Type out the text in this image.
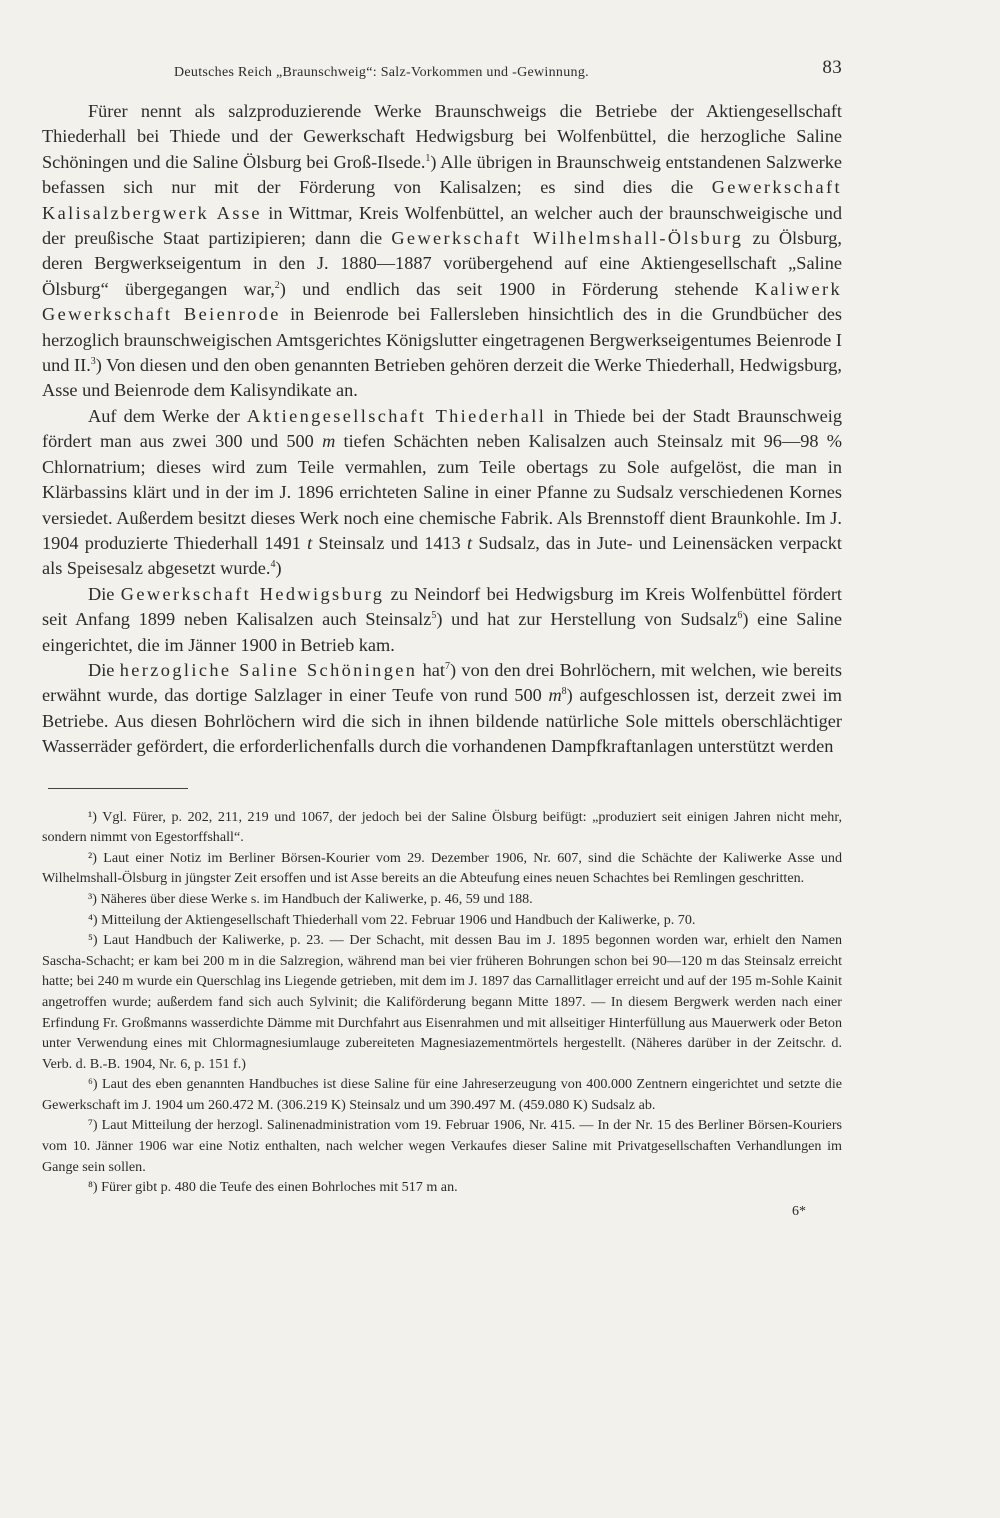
Deutsches Reich „Braunschweig“: Salz-Vorkommen und -Gewinnung.	83

Fürer nennt als salzproduzierende Werke Braunschweigs die Betriebe der Aktiengesellschaft Thiederhall bei Thiede und der Gewerkschaft Hedwigsburg bei Wolfenbüttel, die herzogliche Saline Schöningen und die Saline Ölsburg bei Groß-Ilsede.$^1$) Alle übrigen in Braunschweig entstandenen Salzwerke befassen sich nur mit der Förderung von Kalisalzen; es sind dies die Gewerkschaft Kalisalzbergwerk Asse in Wittmar, Kreis Wolfenbüttel, an welcher auch der braunschweigische und der preußische Staat partizipieren; dann die Gewerkschaft Wilhelmshall-Ölsburg zu Ölsburg, deren Bergwerkseigentum in den J. 1880—1887 vorübergehend auf eine Aktiengesellschaft „Saline Ölsburg“ übergegangen war,$^2$) und endlich das seit 1900 in Förderung stehende Kaliwerk Gewerkschaft Beienrode in Beienrode bei Fallersleben hinsichtlich des in die Grundbücher des herzoglich braunschweigischen Amtsgerichtes Königslutter eingetragenen Bergwerkseigentumes Beienrode I und II.$^3$) Von diesen und den oben genannten Betrieben gehören derzeit die Werke Thiederhall, Hedwigsburg, Asse und Beienrode dem Kalisyndikate an.

Auf dem Werke der Aktiengesellschaft Thiederhall in Thiede bei der Stadt Braunschweig fördert man aus zwei 300 und 500 m tiefen Schächten neben Kalisalzen auch Steinsalz mit 96—98 % Chlornatrium; dieses wird zum Teile vermahlen, zum Teile obertags zu Sole aufgelöst, die man in Klärbassins klärt und in der im J. 1896 errichteten Saline in einer Pfanne zu Sudsalz verschiedenen Kornes versiedet. Außerdem besitzt dieses Werk noch eine chemische Fabrik. Als Brennstoff dient Braunkohle. Im J. 1904 produzierte Thiederhall 1491 t Steinsalz und 1413 t Sudsalz, das in Jute- und Leinensäcken verpackt als Speisesalz abgesetzt wurde.$^4$)

Die Gewerkschaft Hedwigsburg zu Neindorf bei Hedwigsburg im Kreis Wolfenbüttel fördert seit Anfang 1899 neben Kalisalzen auch Steinsalz$^5$) und hat zur Herstellung von Sudsalz$^6$) eine Saline eingerichtet, die im Jänner 1900 in Betrieb kam.

Die herzogliche Saline Schöningen hat$^7$) von den drei Bohrlöchern, mit welchen, wie bereits erwähnt wurde, das dortige Salzlager in einer Teufe von rund 500 $m^8$) aufgeschlossen ist, derzeit zwei im Betriebe. Aus diesen Bohrlöchern wird die sich in ihnen bildende natürliche Sole mittels oberschlächtiger Wasserräder gefördert, die erforderlichenfalls durch die vorhandenen Dampfkraftanlagen unterstützt werden

¹) Vgl. Fürer, p. 202, 211, 219 und 1067, der jedoch bei der Saline Ölsburg beifügt: „produziert seit einigen Jahren nicht mehr, sondern nimmt von Egestorffshall“.

²) Laut einer Notiz im Berliner Börsen-Kourier vom 29. Dezember 1906, Nr. 607, sind die Schächte der Kaliwerke Asse und Wilhelmshall-Ölsburg in jüngster Zeit ersoffen und ist Asse bereits an die Abteufung eines neuen Schachtes bei Remlingen geschritten.

³) Näheres über diese Werke s. im Handbuch der Kaliwerke, p. 46, 59 und 188.

⁴) Mitteilung der Aktiengesellschaft Thiederhall vom 22. Februar 1906 und Handbuch der Kaliwerke, p. 70.

⁵) Laut Handbuch der Kaliwerke, p. 23. — Der Schacht, mit dessen Bau im J. 1895 begonnen worden war, erhielt den Namen Sascha-Schacht; er kam bei 200 m in die Salzregion, während man bei vier früheren Bohrungen schon bei 90—120 m das Steinsalz erreicht hatte; bei 240 m wurde ein Querschlag ins Liegende getrieben, mit dem im J. 1897 das Carnallitlager erreicht und auf der 195 m-Sohle Kainit angetroffen wurde; außerdem fand sich auch Sylvinit; die Kaliförderung begann Mitte 1897. — In diesem Bergwerk werden nach einer Erfindung Fr. Großmanns wasserdichte Dämme mit Durchfahrt aus Eisenrahmen und mit allseitiger Hinterfüllung aus Mauerwerk oder Beton unter Verwendung eines mit Chlormagnesiumlauge zubereiteten Magnesiazementmörtels hergestellt. (Näheres darüber in der Zeitschr. d. Verb. d. B.-B. 1904, Nr. 6, p. 151 f.)

⁶) Laut des eben genannten Handbuches ist diese Saline für eine Jahreserzeugung von 400.000 Zentnern eingerichtet und setzte die Gewerkschaft im J. 1904 um 260.472 M. (306.219 K) Steinsalz und um 390.497 M. (459.080 K) Sudsalz ab.

⁷) Laut Mitteilung der herzogl. Salinenadministration vom 19. Februar 1906, Nr. 415. — In der Nr. 15 des Berliner Börsen-Kouriers vom 10. Jänner 1906 war eine Notiz enthalten, nach welcher wegen Verkaufes dieser Saline mit Privatgesellschaften Verhandlungen im Gange sein sollen.

⁸) Fürer gibt p. 480 die Teufe des einen Bohrloches mit 517 m an.

6*
